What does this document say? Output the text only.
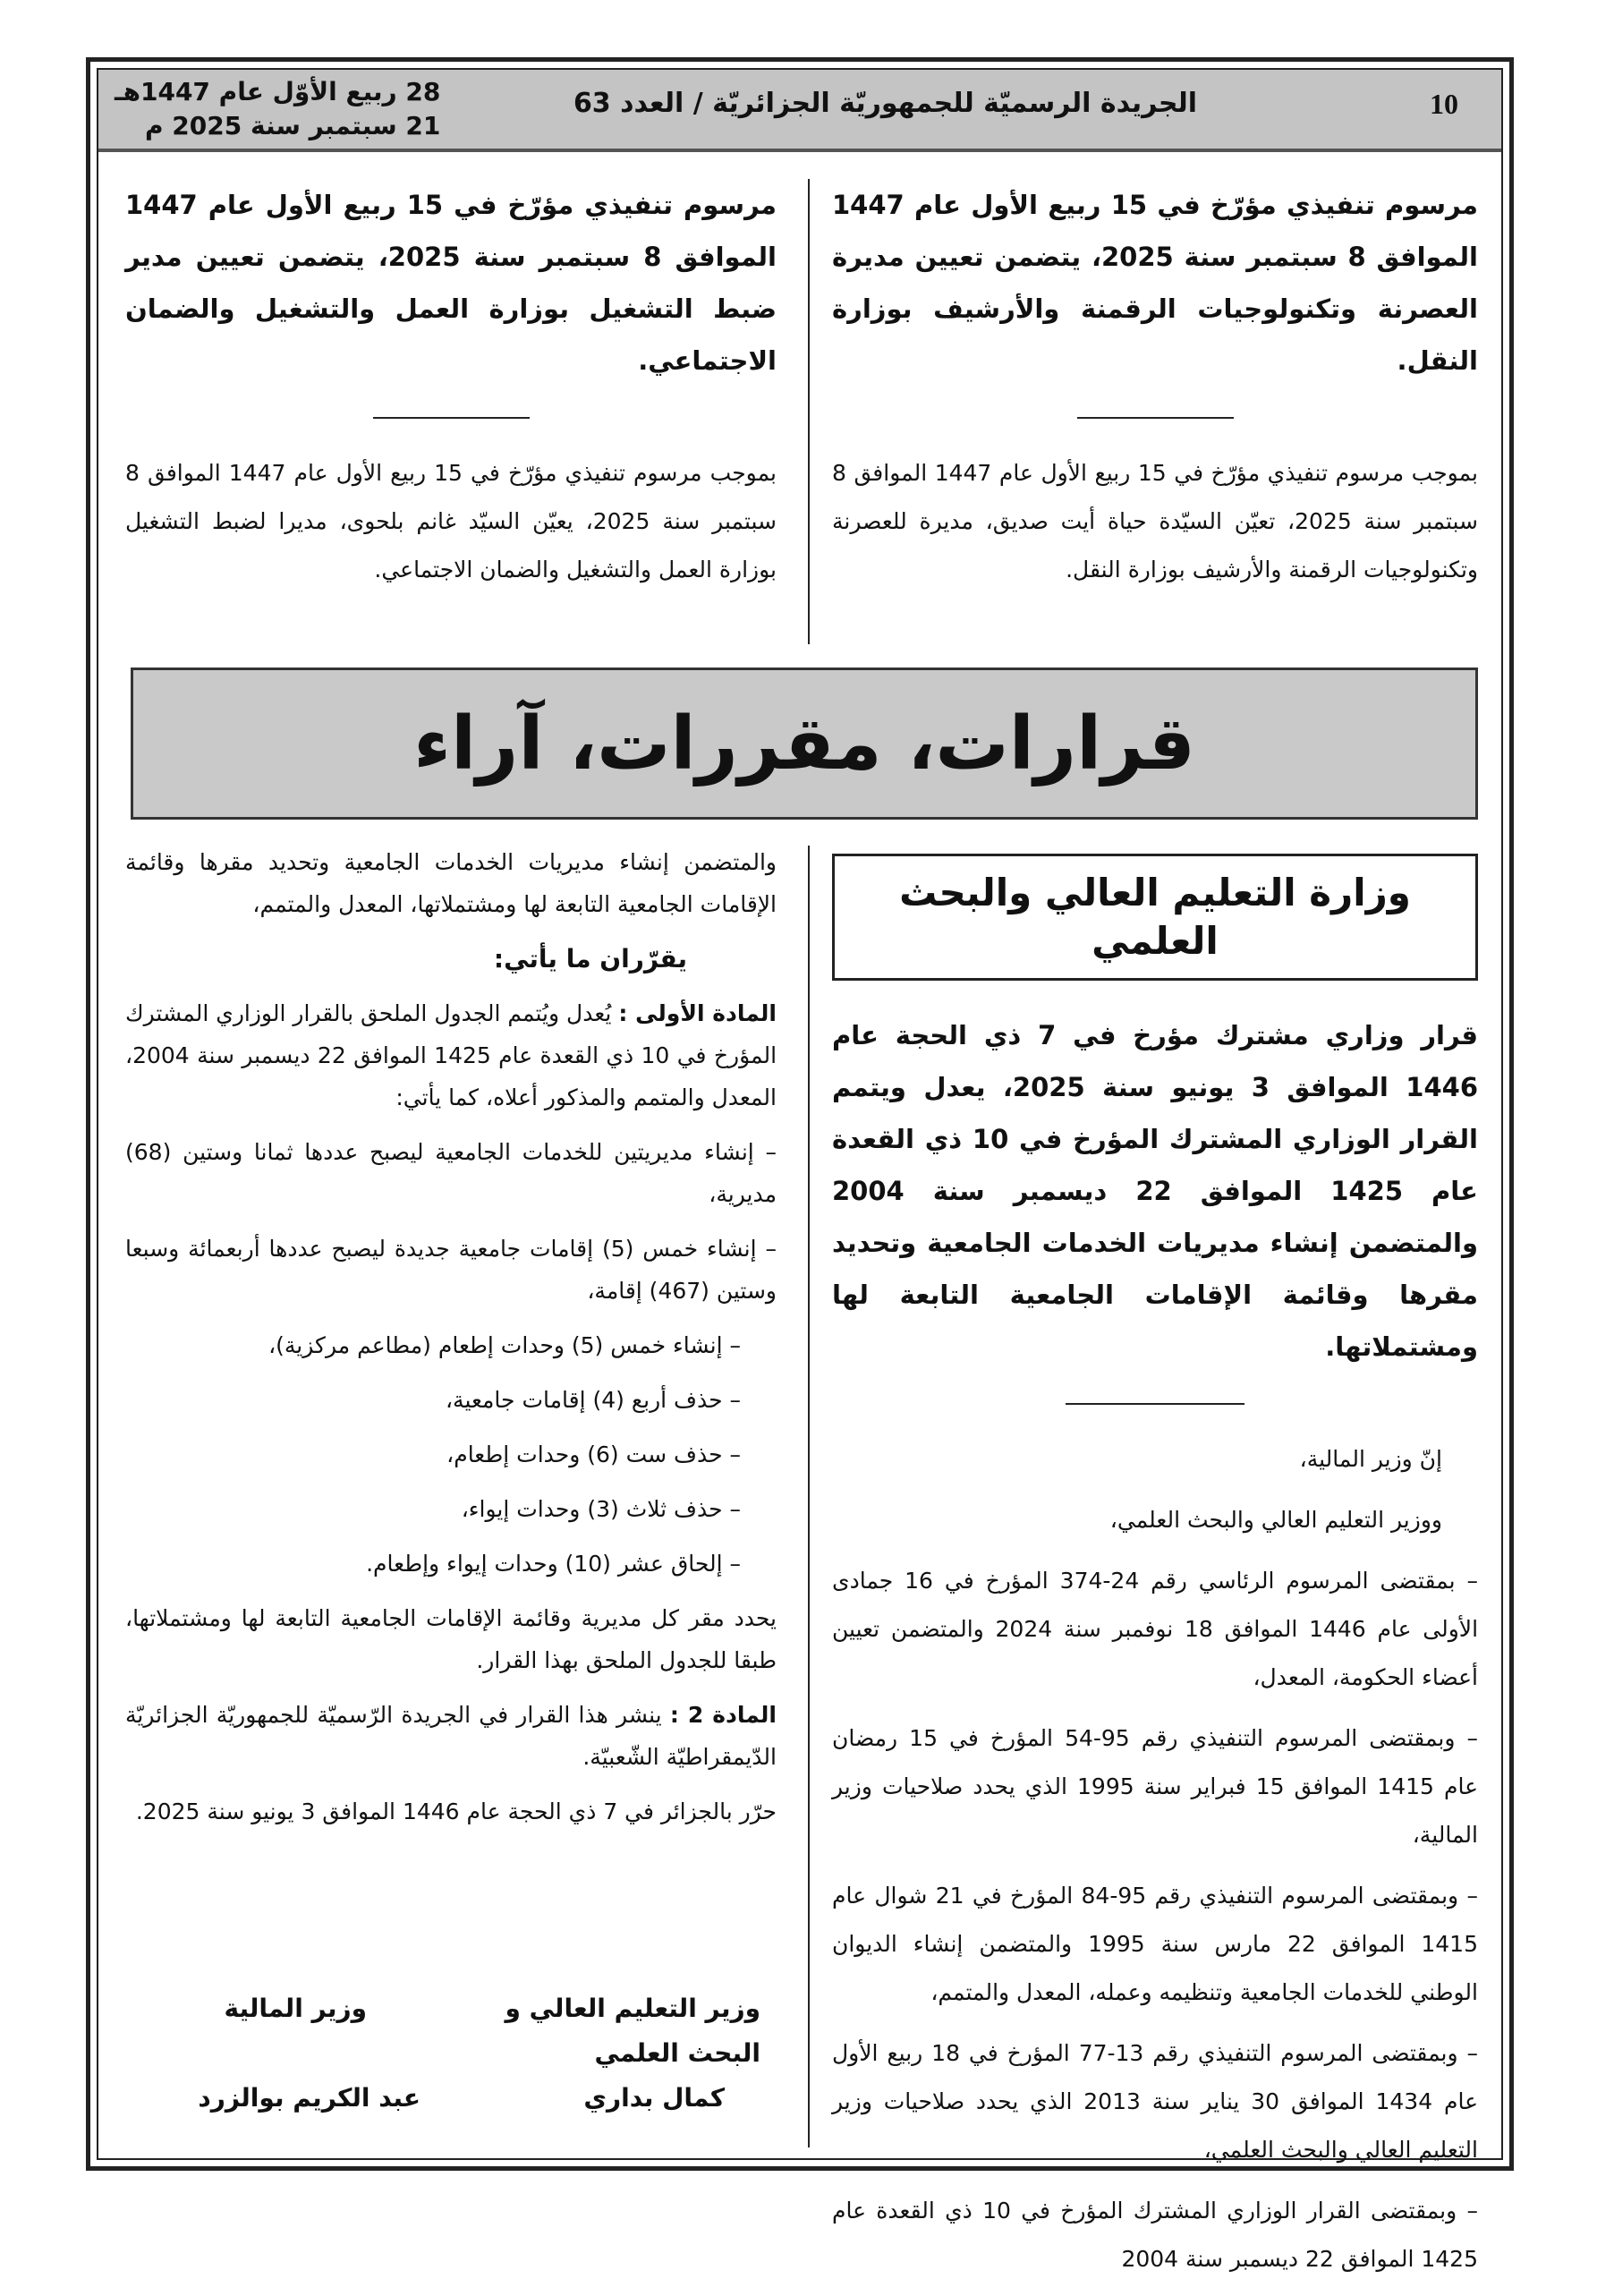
10
الجريدة الرسميّة للجمهوريّة الجزائريّة / العدد 63
28 ربيع الأوّل عام 1447هـ
21 سبتمبر سنة 2025 م
مرسوم تنفيذي مؤرّخ في 15 ربيع الأول عام 1447 الموافق 8 سبتمبر سنة 2025، يتضمن تعيين مديرة العصرنة وتكنولوجيات الرقمنة والأرشيف بوزارة النقل.

بموجب مرسوم تنفيذي مؤرّخ في 15 ربيع الأول عام 1447 الموافق 8 سبتمبر سنة 2025، تعيّن السيّدة حياة أيت صديق، مديرة للعصرنة وتكنولوجيات الرقمنة والأرشيف بوزارة النقل.

مرسوم تنفيذي مؤرّخ في 15 ربيع الأول عام 1447 الموافق 8 سبتمبر سنة 2025، يتضمن تعيين مدير ضبط التشغيل بوزارة العمل والتشغيل والضمان الاجتماعي.

بموجب مرسوم تنفيذي مؤرّخ في 15 ربيع الأول عام 1447 الموافق 8 سبتمبر سنة 2025، يعيّن السيّد غانم بلحوى، مديرا لضبط التشغيل بوزارة العمل والتشغيل والضمان الاجتماعي.

قرارات، مقررات، آراء
وزارة التعليم العالي والبحث العلمي
قرار وزاري مشترك مؤرخ في 7 ذي الحجة عام 1446 الموافق 3 يونيو سنة 2025، يعدل ويتمم القرار الوزاري المشترك المؤرخ في 10 ذي القعدة عام 1425 الموافق 22 ديسمبر سنة 2004 والمتضمن إنشاء مديريات الخدمات الجامعية وتحديد مقرها وقائمة الإقامات الجامعية التابعة لها ومشتملاتها.

إنّ وزير المالية،

ووزير التعليم العالي والبحث العلمي،

– بمقتضى المرسوم الرئاسي رقم 24-374 المؤرخ في 16 جمادى الأولى عام 1446 الموافق 18 نوفمبر سنة 2024 والمتضمن تعيين أعضاء الحكومة، المعدل،

– وبمقتضى المرسوم التنفيذي رقم 95-54 المؤرخ في 15 رمضان عام 1415 الموافق 15 فبراير سنة 1995 الذي يحدد صلاحيات وزير المالية،

– وبمقتضى المرسوم التنفيذي رقم 95-84 المؤرخ في 21 شوال عام 1415 الموافق 22 مارس سنة 1995 والمتضمن إنشاء الديوان الوطني للخدمات الجامعية وتنظيمه وعمله، المعدل والمتمم،

– وبمقتضى المرسوم التنفيذي رقم 13-77 المؤرخ في 18 ربيع الأول عام 1434 الموافق 30 يناير سنة 2013 الذي يحدد صلاحيات وزير التعليم العالي والبحث العلمي،

– وبمقتضى القرار الوزاري المشترك المؤرخ في 10 ذي القعدة عام 1425 الموافق 22 ديسمبر سنة 2004

والمتضمن إنشاء مديريات الخدمات الجامعية وتحديد مقرها وقائمة الإقامات الجامعية التابعة لها ومشتملاتها، المعدل والمتمم،

يقرّران ما يأتي:

المادة الأولى : يُعدل ويُتمم الجدول الملحق بالقرار الوزاري المشترك المؤرخ في 10 ذي القعدة عام 1425 الموافق 22 ديسمبر سنة 2004، المعدل والمتمم والمذكور أعلاه، كما يأتي:

– إنشاء مديريتين للخدمات الجامعية ليصبح عددها ثمانا وستين (68) مديرية،

– إنشاء خمس (5) إقامات جامعية جديدة ليصبح عددها أربعمائة وسبعا وستين (467) إقامة،

– إنشاء خمس (5) وحدات إطعام (مطاعم مركزية)،

– حذف أربع (4) إقامات جامعية،

– حذف ست (6) وحدات إطعام،

– حذف ثلاث (3) وحدات إيواء،

– إلحاق عشر (10) وحدات إيواء وإطعام.

يحدد مقر كل مديرية وقائمة الإقامات الجامعية التابعة لها ومشتملاتها، طبقا للجدول الملحق بهذا القرار.

المادة 2 : ينشر هذا القرار في الجريدة الرّسميّة للجمهوريّة الجزائريّة الدّيمقراطيّة الشّعبيّة.

حرّر بالجزائر في 7 ذي الحجة عام 1446 الموافق 3 يونيو سنة 2025.

وزير التعليم العالي و البحث العلمي
كمال بداري
وزير المالية
عبد الكريم بوالزرد
